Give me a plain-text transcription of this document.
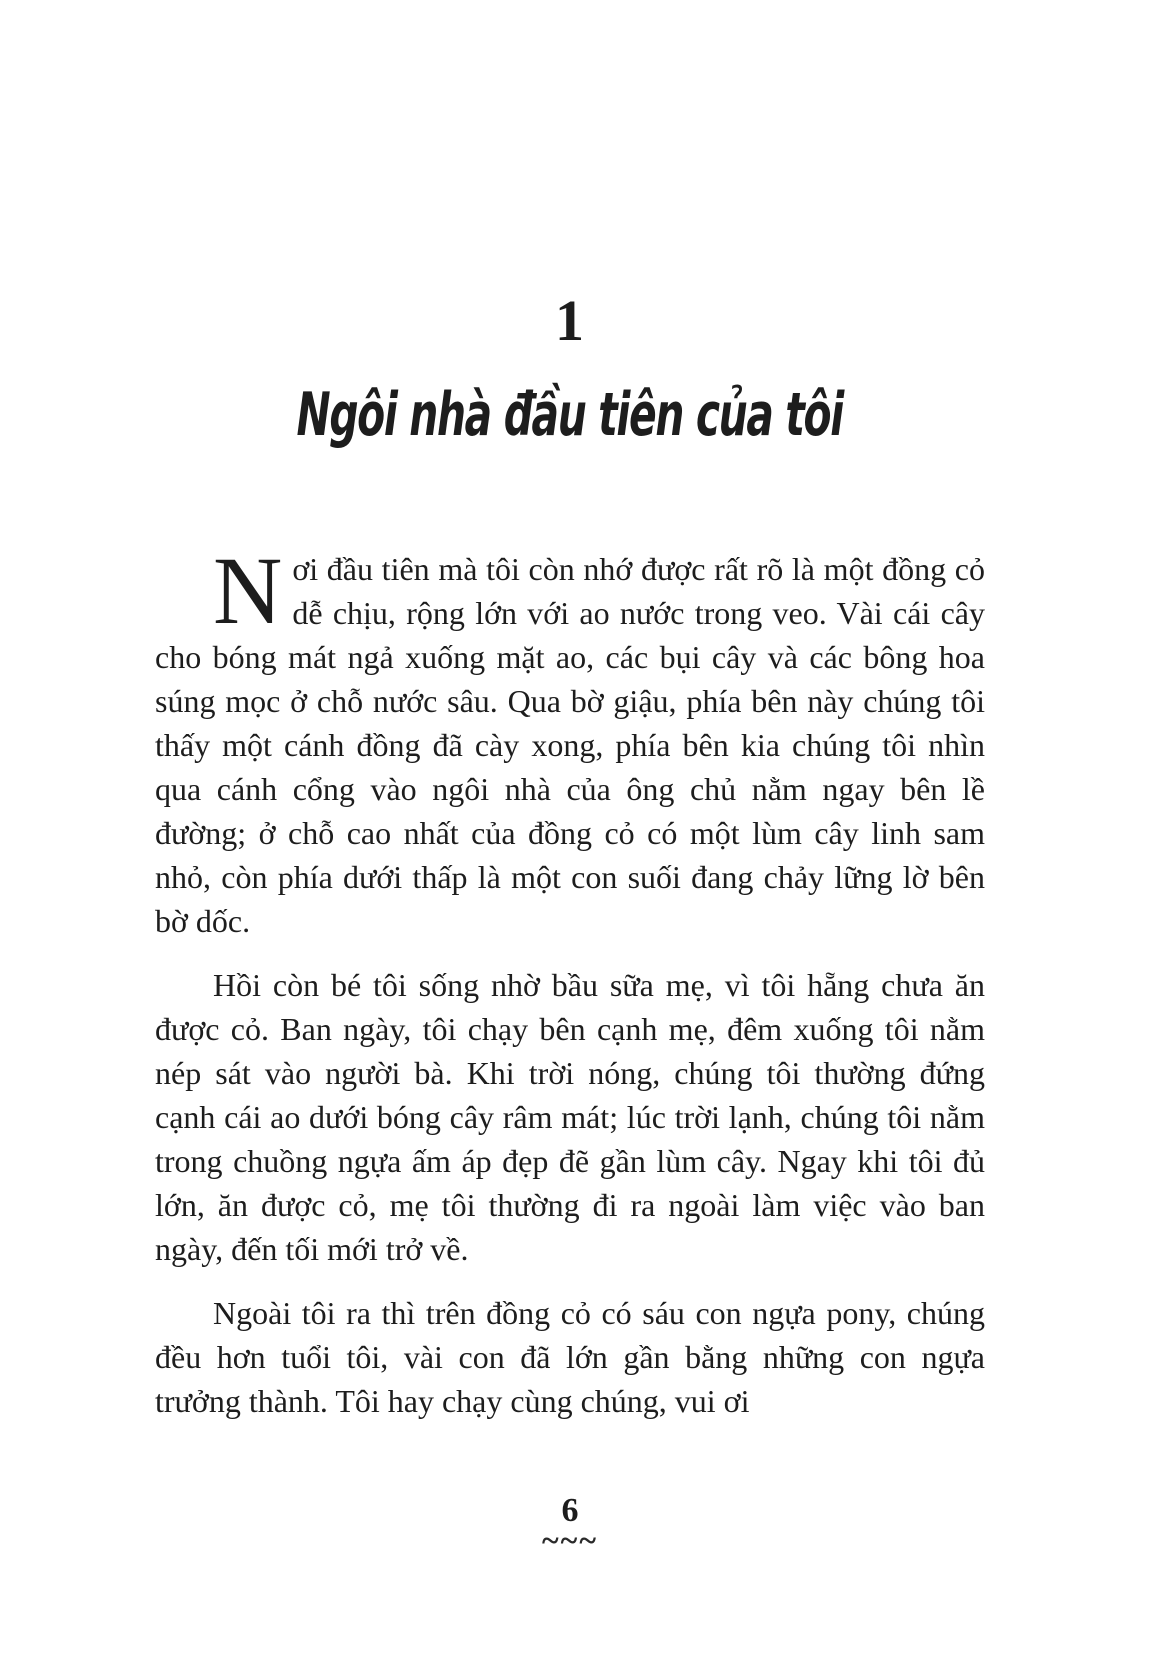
1
Ngôi nhà đầu tiên của tôi

Nơi đầu tiên mà tôi còn nhớ được rất rõ là một đồng cỏ dễ chịu, rộng lớn với ao nước trong veo. Vài cái cây cho bóng mát ngả xuống mặt ao, các bụi cây và các bông hoa súng mọc ở chỗ nước sâu. Qua bờ giậu, phía bên này chúng tôi thấy một cánh đồng đã cày xong, phía bên kia chúng tôi nhìn qua cánh cổng vào ngôi nhà của ông chủ nằm ngay bên lề đường; ở chỗ cao nhất của đồng cỏ có một lùm cây linh sam nhỏ, còn phía dưới thấp là một con suối đang chảy lững lờ bên bờ dốc.

Hồi còn bé tôi sống nhờ bầu sữa mẹ, vì tôi hẵng chưa ăn được cỏ. Ban ngày, tôi chạy bên cạnh mẹ, đêm xuống tôi nằm nép sát vào người bà. Khi trời nóng, chúng tôi thường đứng cạnh cái ao dưới bóng cây râm mát; lúc trời lạnh, chúng tôi nằm trong chuồng ngựa ấm áp đẹp đẽ gần lùm cây. Ngay khi tôi đủ lớn, ăn được cỏ, mẹ tôi thường đi ra ngoài làm việc vào ban ngày, đến tối mới trở về.

Ngoài tôi ra thì trên đồng cỏ có sáu con ngựa pony, chúng đều hơn tuổi tôi, vài con đã lớn gần bằng những con ngựa trưởng thành. Tôi hay chạy cùng chúng, vui ơi

6
~~~
